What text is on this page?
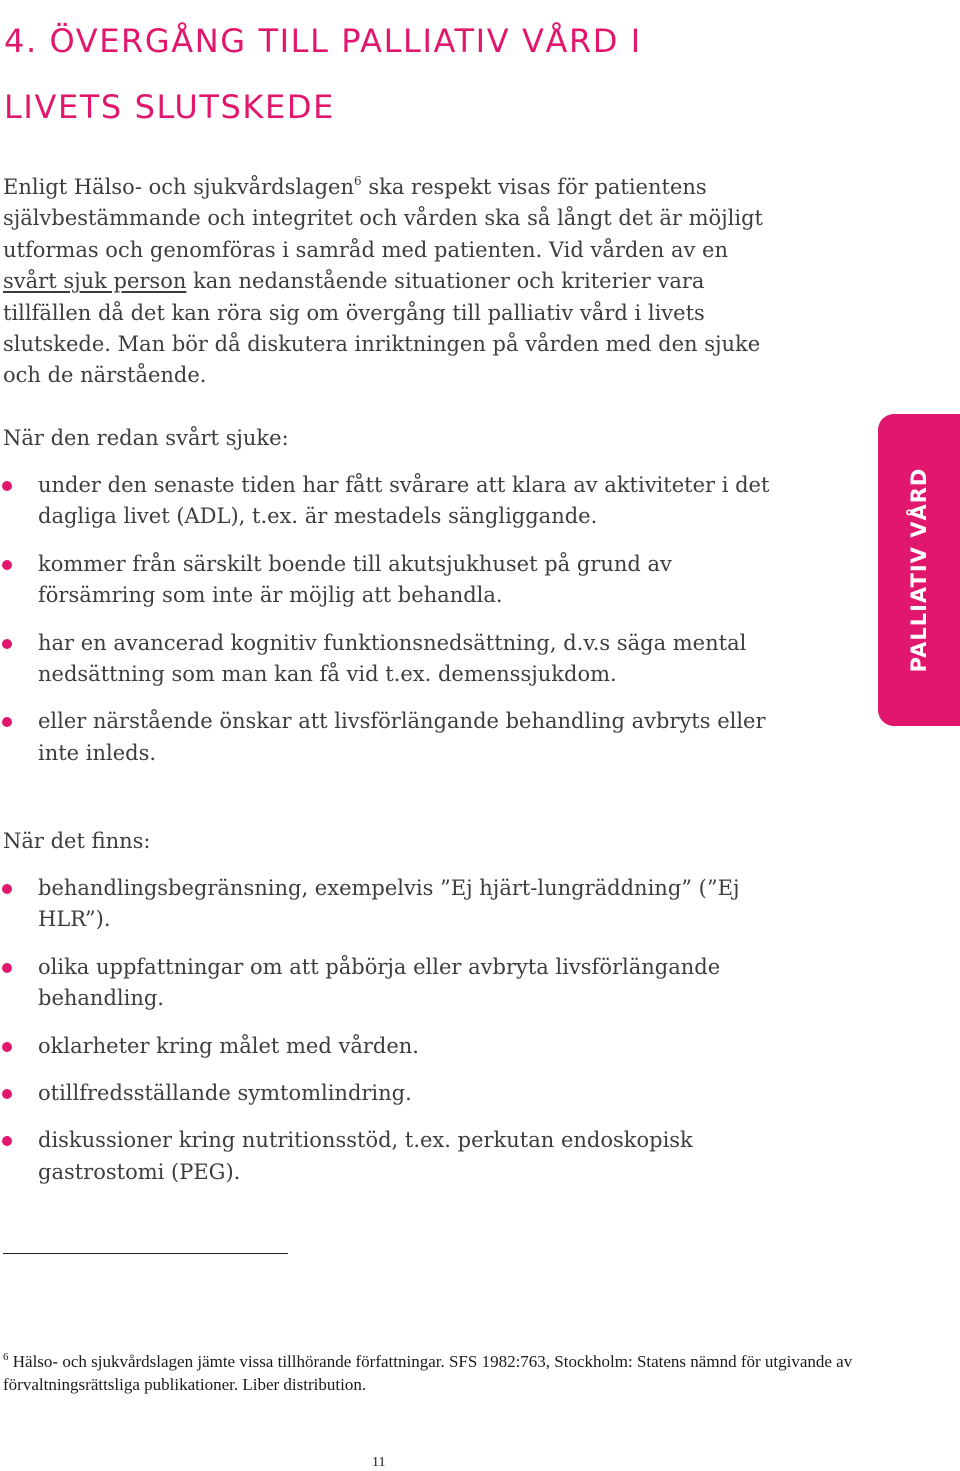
4. ÖVERGÅNG TILL PALLIATIV VÅRD I
LIVETS SLUTSKEDE

Enligt Hälso- och sjukvårdslagen$^6$ ska respekt visas för patientens självbestämmande och integritet och vården ska så långt det är möjligt utformas och genomföras i samråd med patienten. Vid vården av en svårt sjuk person kan nedanstående situationer och kriterier vara tillfällen då det kan röra sig om övergång till palliativ vård i livets slutskede. Man bör då diskutera inriktningen på vården med den sjuke och de närstående.

När den redan svårt sjuke:

under den senaste tiden har fått svårare att klara av aktiviteter i det dagliga livet (ADL), t.ex. är mestadels sängliggande.
kommer från särskilt boende till akutsjukhuset på grund av försämring som inte är möjlig att behandla.
har en avancerad kognitiv funktionsnedsättning, d.v.s säga mental nedsättning som man kan få vid t.ex. demenssjukdom.
eller närstående önskar att livsförlängande behandling avbryts eller inte inleds.
PALLIATIV VÅRD

När det finns:

behandlingsbegränsning, exempelvis ”Ej hjärt-lungräddning” (”Ej HLR”).
olika uppfattningar om att påbörja eller avbryta livsförlängande behandling.
oklarheter kring målet med vården.
otillfredsställande symtomlindring.
diskussioner kring nutritionsstöd, t.ex. perkutan endoskopisk gastrostomi (PEG).

$^6$ Hälso- och sjukvårdslagen jämte vissa tillhörande författningar. SFS 1982:763, Stockholm: Statens nämnd för utgivande av förvaltningsrättsliga publikationer. Liber distribution.

11
